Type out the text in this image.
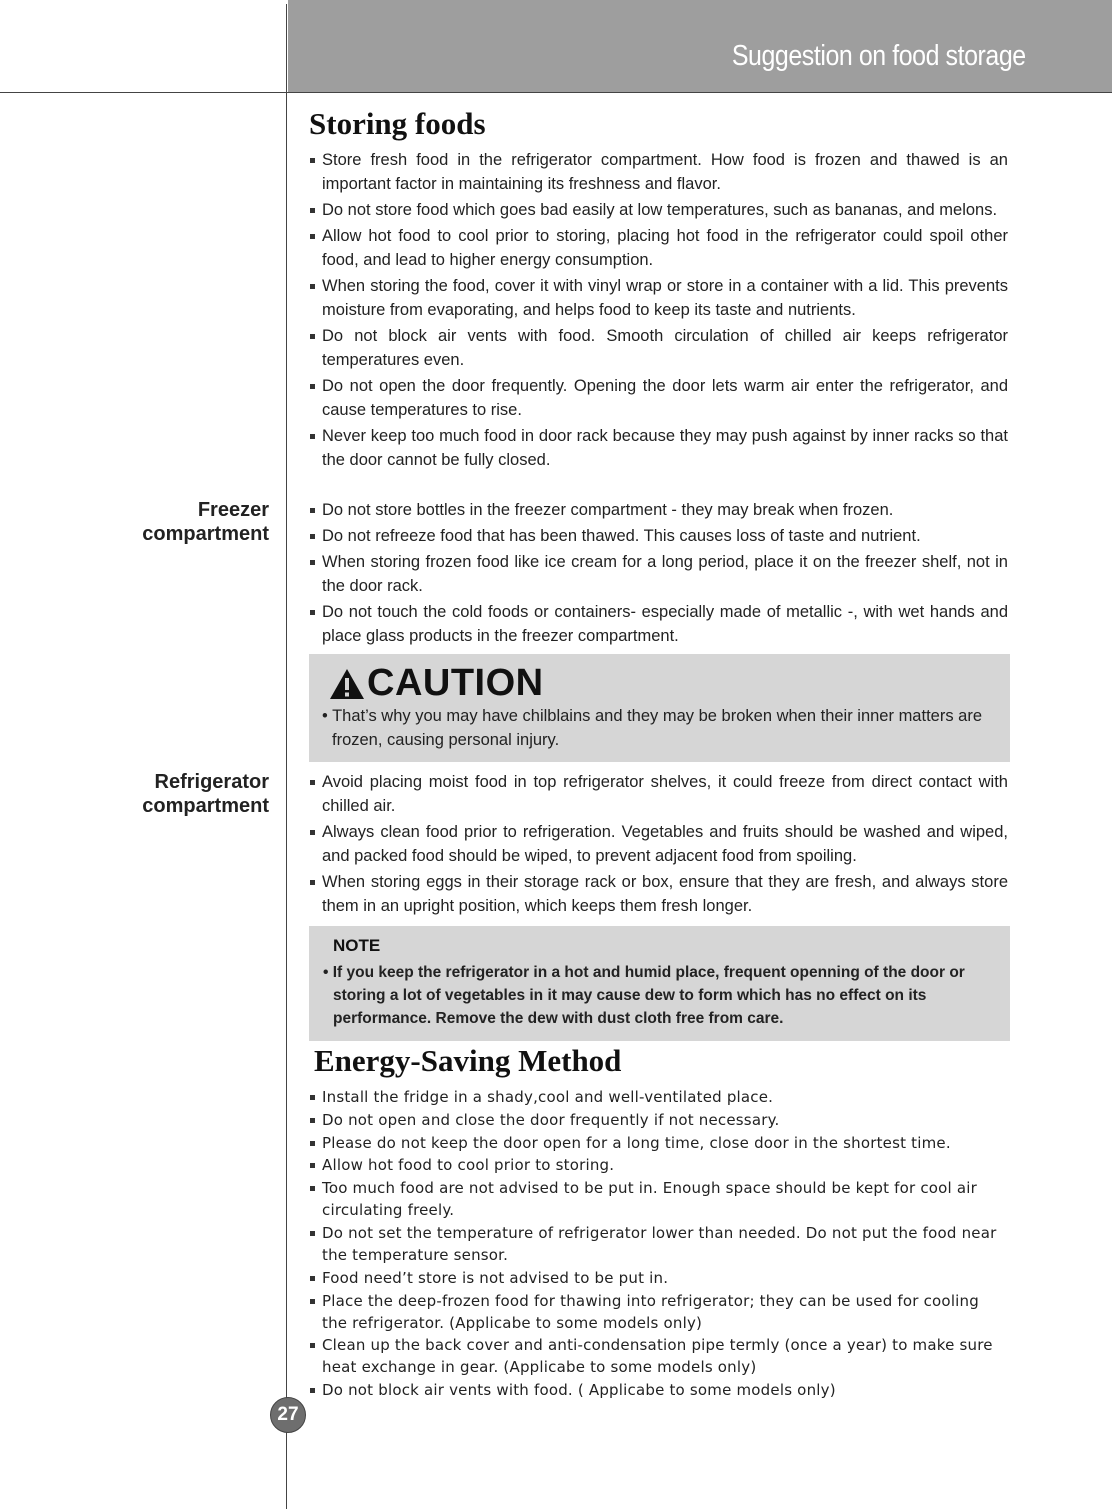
Suggestion on food storage
Storing foods
Store fresh food in the refrigerator compartment. How food is frozen and thawed is an important factor in maintaining its freshness and flavor.
Do not store food which goes bad easily at low temperatures, such as bananas, and melons.
Allow hot food to cool prior to storing, placing hot food in the refrigerator could spoil other food, and lead to higher energy consumption.
When storing the food, cover it with vinyl wrap or store in a container with a lid. This prevents moisture from evaporating, and helps food to keep its taste and nutrients.
Do not block air vents with food. Smooth circulation of chilled air keeps refrigerator temperatures even.
Do not open the door frequently. Opening the door lets warm air enter the refrigerator, and cause temperatures to rise.
Never keep too much food in door rack because they may push against by inner racks so that the door cannot be fully closed.
Freezer
compartment
Do not store bottles in the freezer compartment - they may break when frozen.
Do not refreeze food that has been thawed. This causes loss of taste and nutrient.
When storing frozen food like ice cream for a long period, place it on the freezer shelf, not in the door rack.
Do not touch the cold foods or containers- especially made of metallic -, with wet hands and place glass products in the freezer compartment.
CAUTION
• That’s why you may have chilblains and they may be broken when their inner matters are frozen, causing personal injury.
Refrigerator
compartment
Avoid placing moist food in top refrigerator shelves, it could freeze from direct contact with chilled air.
Always clean food prior to refrigeration. Vegetables and fruits should be washed and wiped, and packed food should be wiped, to prevent adjacent food from spoiling.
When storing eggs in their storage rack or box, ensure that they are fresh, and always store them in an upright position, which keeps them fresh longer.
NOTE
• If you keep the refrigerator in a hot and humid place, frequent openning of the door or storing a lot of vegetables in it may cause dew to form which has no effect on its performance. Remove the dew with dust cloth free from care.
Energy-Saving Method
Install the fridge in a shady,cool and well-ventilated place.
Do not open and close the door frequently if not necessary.
Please do not keep the door open for a long time, close door in the shortest time.
Allow hot food to cool prior to storing.
Too much food are not advised to be put in. Enough space should be kept for cool air circulating freely.
Do not set the temperature of refrigerator lower than needed. Do not put the food near the temperature sensor.
Food need’t store is not advised to be put in.
Place the deep-frozen food for thawing into refrigerator; they can be used for cooling the refrigerator. (Applicabe to some models only)
Clean up the back cover and anti-condensation pipe termly (once a year) to make sure heat exchange in gear. (Applicabe to some models only)
Do not block air vents with food. ( Applicabe to some models only)
27
